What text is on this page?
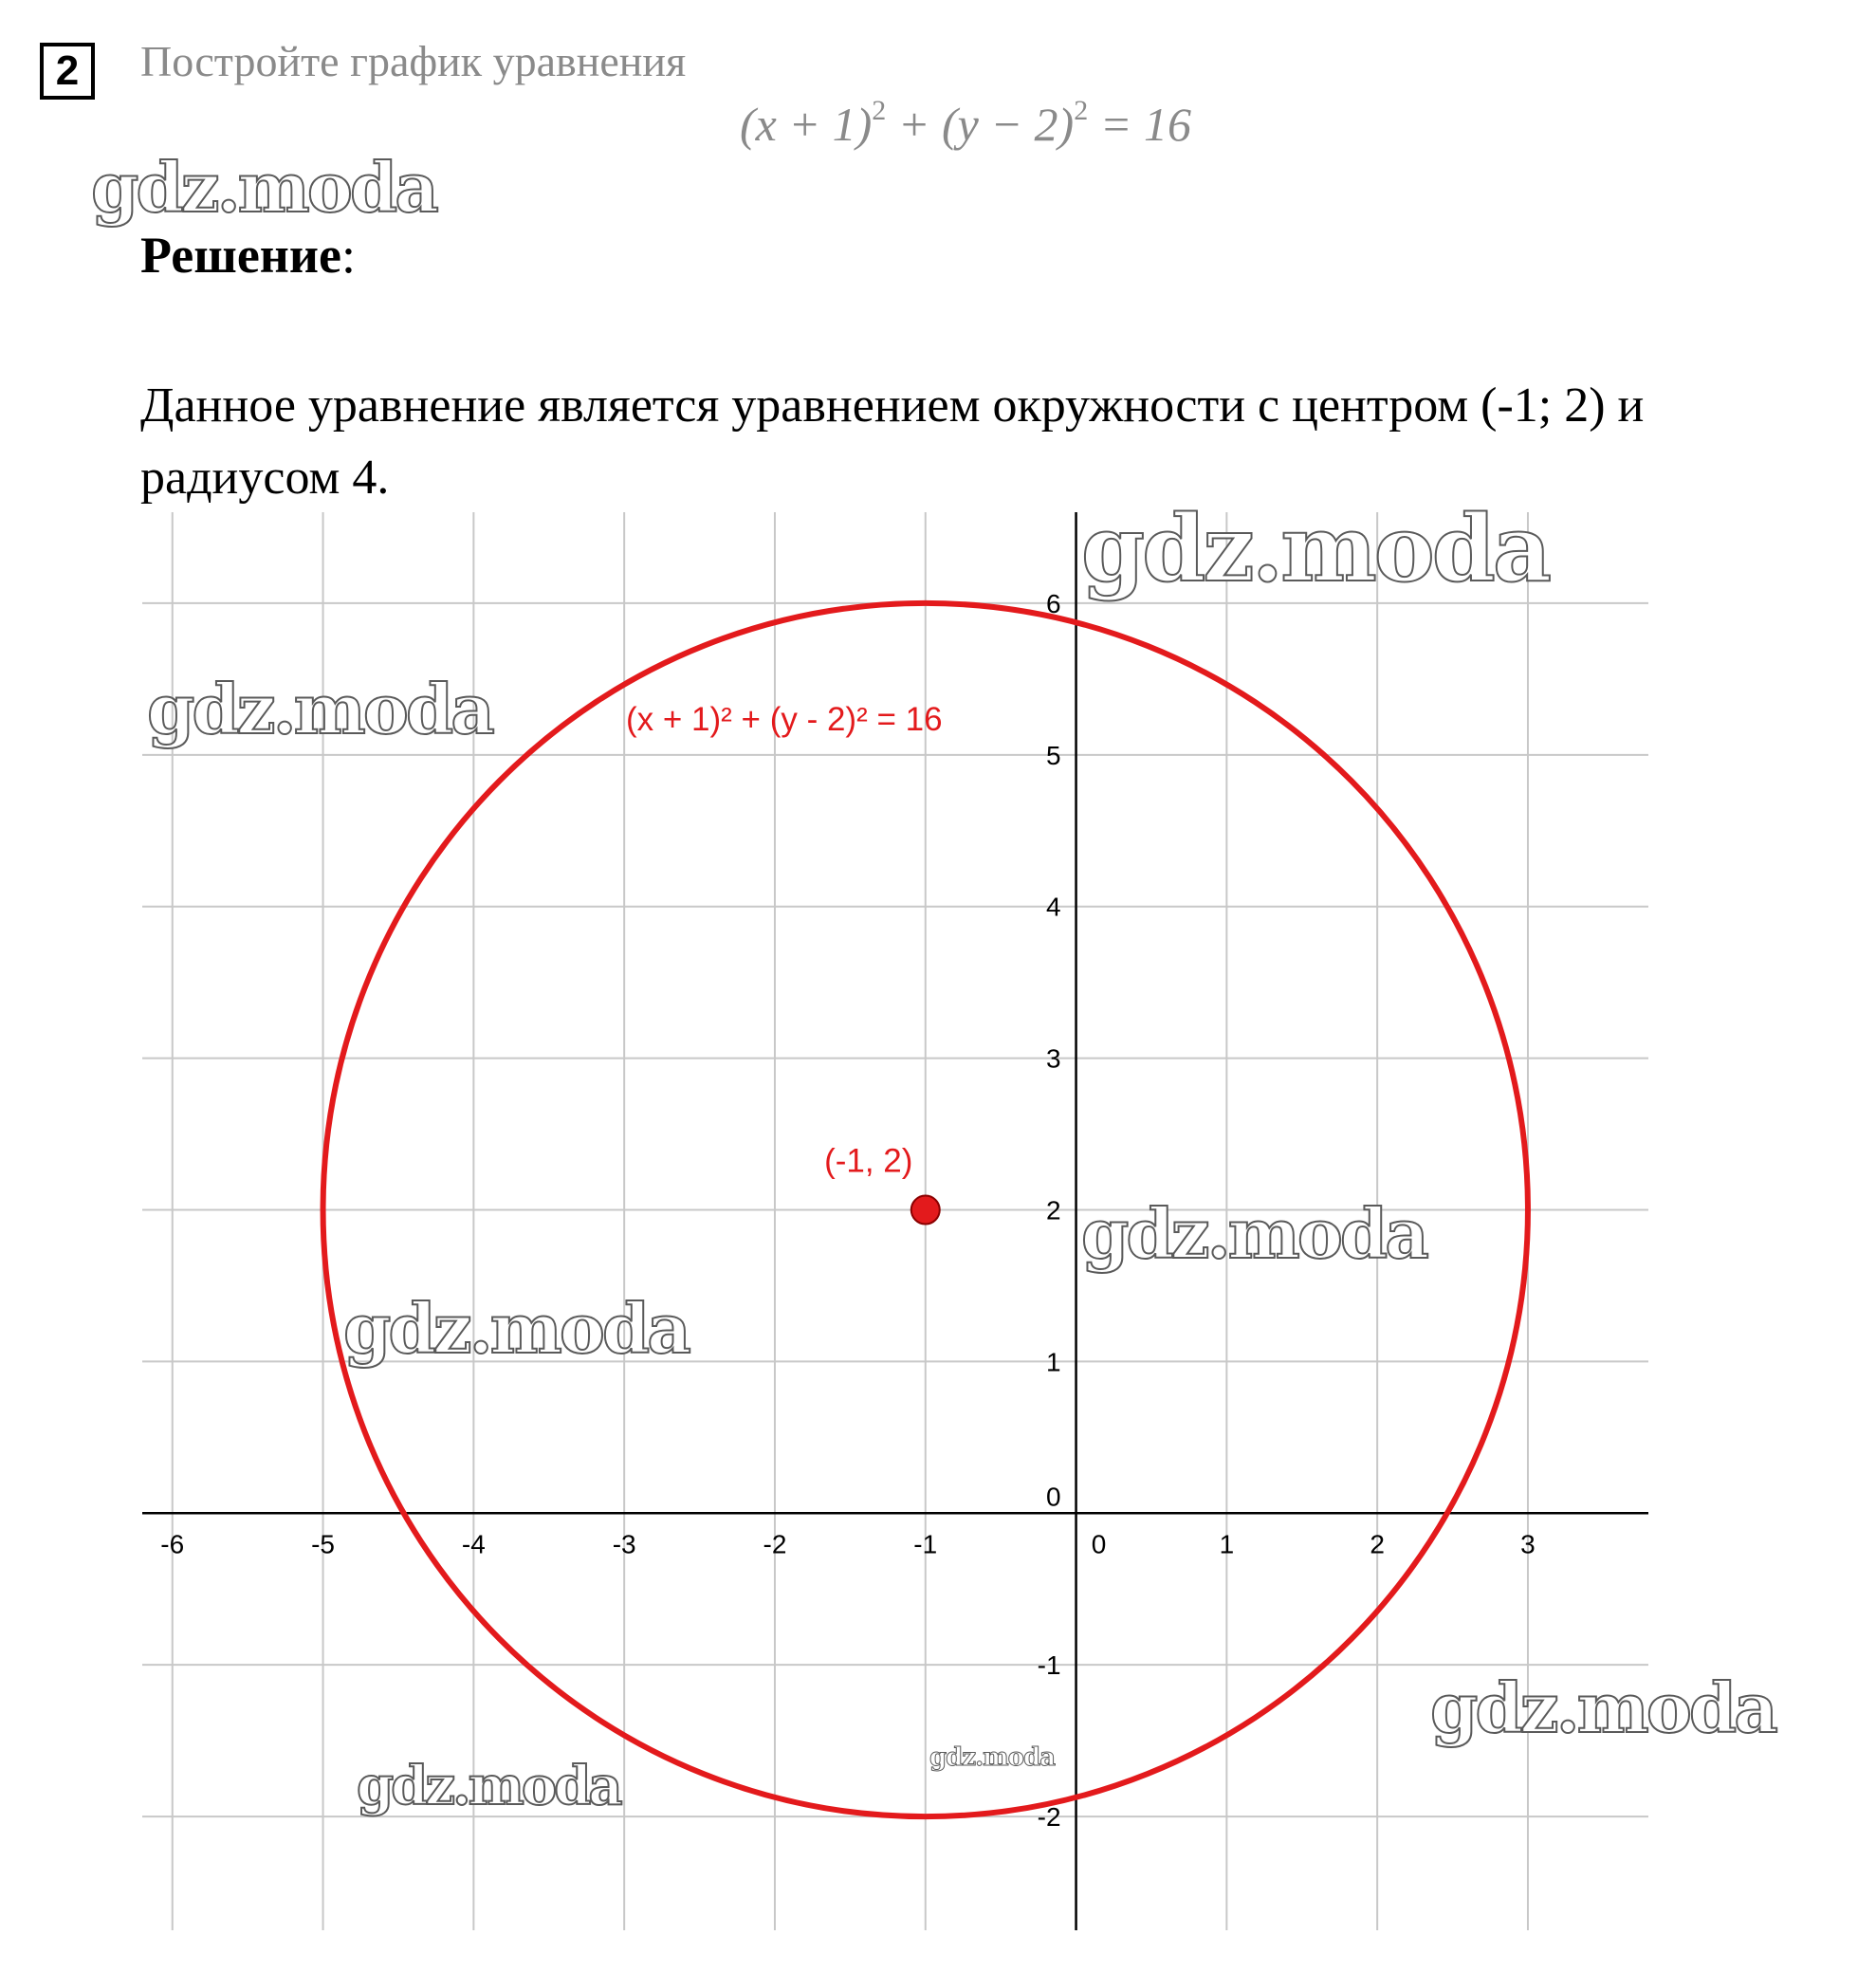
2	Постройте график уравнения
$(x + 1)^2 + (y - 2)^2 = 16$
Решение:
Данное уравнение является уравнением окружности с центром (-1; 2) и радиусом 4.
-6	-5	-4	-3	-2	-1	0	1	2	3
-2
-1
0
1
2
3
4
5
6
(x + 1)² + (y - 2)² = 16
(-1, 2)
gdz.moda
gdz.moda
gdz.moda
gdz.moda
gdz.moda
gdz.moda
gdz.moda	gdz.moda
